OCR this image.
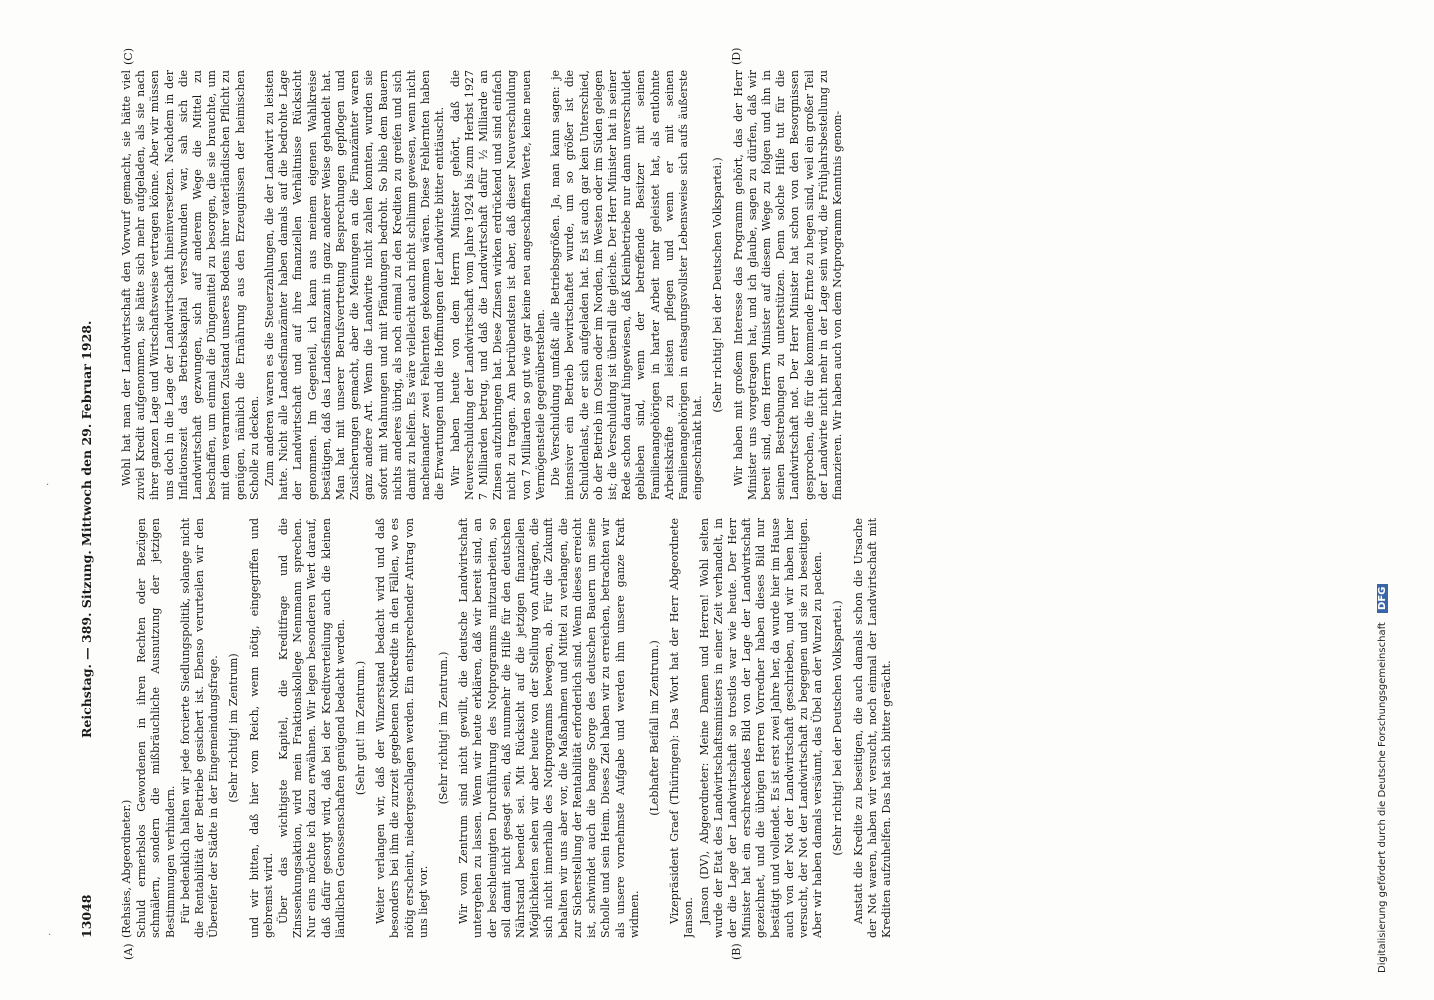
·
· 13048
Reichstag. — 389. Sitzung. Mittwoch den 29. Februar 1928.
(A)	(B)
(C)	(D)

(Rehsies, Abgeordneter.) Schuld ermerbslos Gewordenen in ihren Rechten oder Bezügen schmälern, sondern die mißbräuchliche Ausnutzung der jetzigen Bestimmungen verhindern. Für bedenklich halten wir jede forcierte Siedlungspolitik, solange nicht die Rentabilität der Betriebe gesichert ist. Ebenso verurteilen wir den Übereifer der Städte in der Eingemeindungsfrage. (Sehr richtig! im Zentrum) und wir bitten, daß hier vom Reich, wenn nötig, eingegriffen und gebremst wird. Über das wichtigste Kapitel, die Kreditfrage und die Zinssenkungsaktion, wird mein Fraktionskollege Nennmann sprechen. Nur eins möchte ich dazu erwähnen. Wir legen besonderen Wert darauf, daß dafür gesorgt wird, daß bei der Kreditverteilung auch die kleinen ländlichen Genossenschaften genügend bedacht werden. (Sehr gut! im Zentrum.) Weiter verlangen wir, daß der Winzerstand bedacht wird und daß besonders bei ihm die zurzeit gegebenen Notkredite in den Fällen, wo es nötig erscheint, niedergeschlagen werden. Ein entsprechender Antrag von uns liegt vor.

(Sehr richtig! im Zentrum.) Wir vom Zentrum sind nicht gewillt, die deutsche Landwirtschaft untergehen zu lassen. Wenn wir heute erklären, daß wir bereit sind, an der beschleunigten Durchführung des Notprogramms mitzuarbeiten, so soll damit nicht gesagt sein, daß nunmehr die Hilfe für den deutschen Nährstand beendet sei. Mit Rücksicht auf die jetzigen finanziellen Möglichkeiten sehen wir aber heute von der Stellung von Anträgen, die sich nicht innerhalb des Notprogramms bewegen, ab. Für die Zukunft behalten wir uns aber vor, die Maßnahmen und Mittel zu verlangen, die zur Sicherstellung der Rentabilität erforderlich sind. Wenn dieses erreicht ist, schwindet auch die bange Sorge des deutschen Bauern um seine Scholle und sein Heim. Dieses Ziel haben wir zu erreichen, betrachten wir als unsere vornehmste Aufgabe und werden ihm unsere ganze Kraft widmen.

(Lebhafter Beifall im Zentrum.) Vizepräsident Graef (Thüringen): Das Wort hat der Herr Abgeordnete Janson. Janson (DV), Abgeordneter: Meine Damen und Herren! Wohl selten wurde der Etat des Landwirtschaftsministers in einer Zeit verhandelt, in der die Lage der Landwirtschaft so trostlos war wie heute. Der Herr Minister hat ein erschreckendes Bild von der Lage der Landwirtschaft gezeichnet, und die übrigen Herren Vorredner haben dieses Bild nur bestätigt und vollendet. Es ist erst zwei Jahre her, da wurde hier im Hause auch von der Not der Landwirtschaft geschrieben, und wir haben hier versucht, der Not der Landwirtschaft zu begegnen und sie zu beseitigen. Aber wir haben damals versäumt, das Übel an der Wurzel zu packen. (Sehr richtig! bei der Deutschen Volkspartei.) Anstatt die Kredite zu beseitigen, die auch damals schon die Ursache der Not waren, haben wir versucht, noch einmal der Landwirtschaft mit Krediten aufzuhelfen. Das hat sich bitter gerächt.

Wohl hat man der Landwirtschaft den Vorwurf gemacht, sie hätte viel zuviel Kredit aufgenommen, sie hätte sich mehr aufgeladen, als sie nach ihrer ganzen Lage und Wirtschaftsweise vertragen könne. Aber wir müssen uns doch in die Lage der Landwirtschaft hineinversetzen. Nachdem in der Inflationszeit das Betriebskapital verschwunden war, sah sich die Landwirtschaft gezwungen, sich auf anderem Wege die Mittel zu beschaffen, um einmal die Düngemittel zu besorgen, die sie brauchte, um mit dem verarmten Zustand unseres Bodens ihrer vaterländischen Pflicht zu genügen, nämlich die Ernährung aus den Erzeugnissen der heimischen Scholle zu decken. Zum anderen waren es die Steuerzahlungen, die der Landwirt zu leisten hatte. Nicht alle Landesfinanzämter haben damals auf die bedrohte Lage der Landwirtschaft und auf ihre finanziellen Verhältnisse Rücksicht genommen. Im Gegenteil, ich kann aus meinem eigenen Wahlkreise bestätigen, daß das Landesfinanzamt in ganz anderer Weise gehandelt hat. Man hat mit unserer Berufsvertretung Besprechungen gepflogen und Zusicherungen gemacht, aber die Meinungen an die Finanzämter waren ganz andere Art. Wenn die Landwirte nicht zahlen konnten, wurden sie sofort mit Mahnungen und mit Pfändungen bedroht. So blieb dem Bauern nichts anderes übrig, als noch einmal zu den Krediten zu greifen und sich damit zu helfen. Es wäre vielleicht auch nicht schlimm gewesen, wenn nicht nacheinander zwei Fehlernten gekommen wären. Diese Fehlernten haben die Erwartungen und die Hoffnungen der Landwirte bitter enttäuscht. Wir haben heute von dem Herrn Minister gehört, daß die Neuverschuldung der Landwirtschaft vom Jahre 1924 bis zum Herbst 1927 7 Milliarden betrug, und daß die Landwirtschaft dafür ½ Milliarde an Zinsen aufzubringen hat. Diese Zinsen wirken erdrückend und sind einfach nicht zu tragen. Am betrübendsten ist aber, daß dieser Neuverschuldung von 7 Milliarden so gut wie gar keine neu angeschafften Werte, keine neuen Vermögensteile gegenüberstehen. Die Verschuldung umfaßt alle Betriebsgrößen. Ja, man kann sagen: je intensiver ein Betrieb bewirtschaftet wurde, um so größer ist die Schuldenlast, die er sich aufgeladen hat. Es ist auch gar kein Unterschied, ob der Betrieb im Osten oder im Norden, im Westen oder im Süden gelegen ist; die Verschuldung ist überall die gleiche. Der Herr Minister hat in seiner Rede schon darauf hingewiesen, daß Kleinbetriebe nur dann unverschuldet geblieben sind, wenn der betreffende Besitzer mit seinen Familienangehörigen in harter Arbeit mehr geleistet hat, als entlohnte Arbeitskräfte zu leisten pflegen und wenn er mit seinen Familienangehörigen in entsagungsvollster Lebensweise sich aufs äußerste eingeschränkt hat.

(Sehr richtig! bei der Deutschen Volkspartei.) Wir haben mit großem Interesse das Programm gehört, das der Herr Minister uns vorgetragen hat, und ich glaube, sagen zu dürfen, daß wir bereit sind, dem Herrn Minister auf diesem Wege zu folgen und ihn in seinen Bestrebungen zu unterstützen. Denn solche Hilfe tut für die Landwirtschaft not. Der Herr Minister hat schon von den Besorgnissen gesprochen, die für die kommende Ernte zu hegen sind, weil ein großer Teil der Landwirte nicht mehr in der Lage sein wird, die Frühjahrsbestellung zu finanzieren. Wir haben auch von dem Notprogramm Kenntnis genom-

Digitalisierung gefördert durch die Deutsche Forschungsgemeinschaft DFG
